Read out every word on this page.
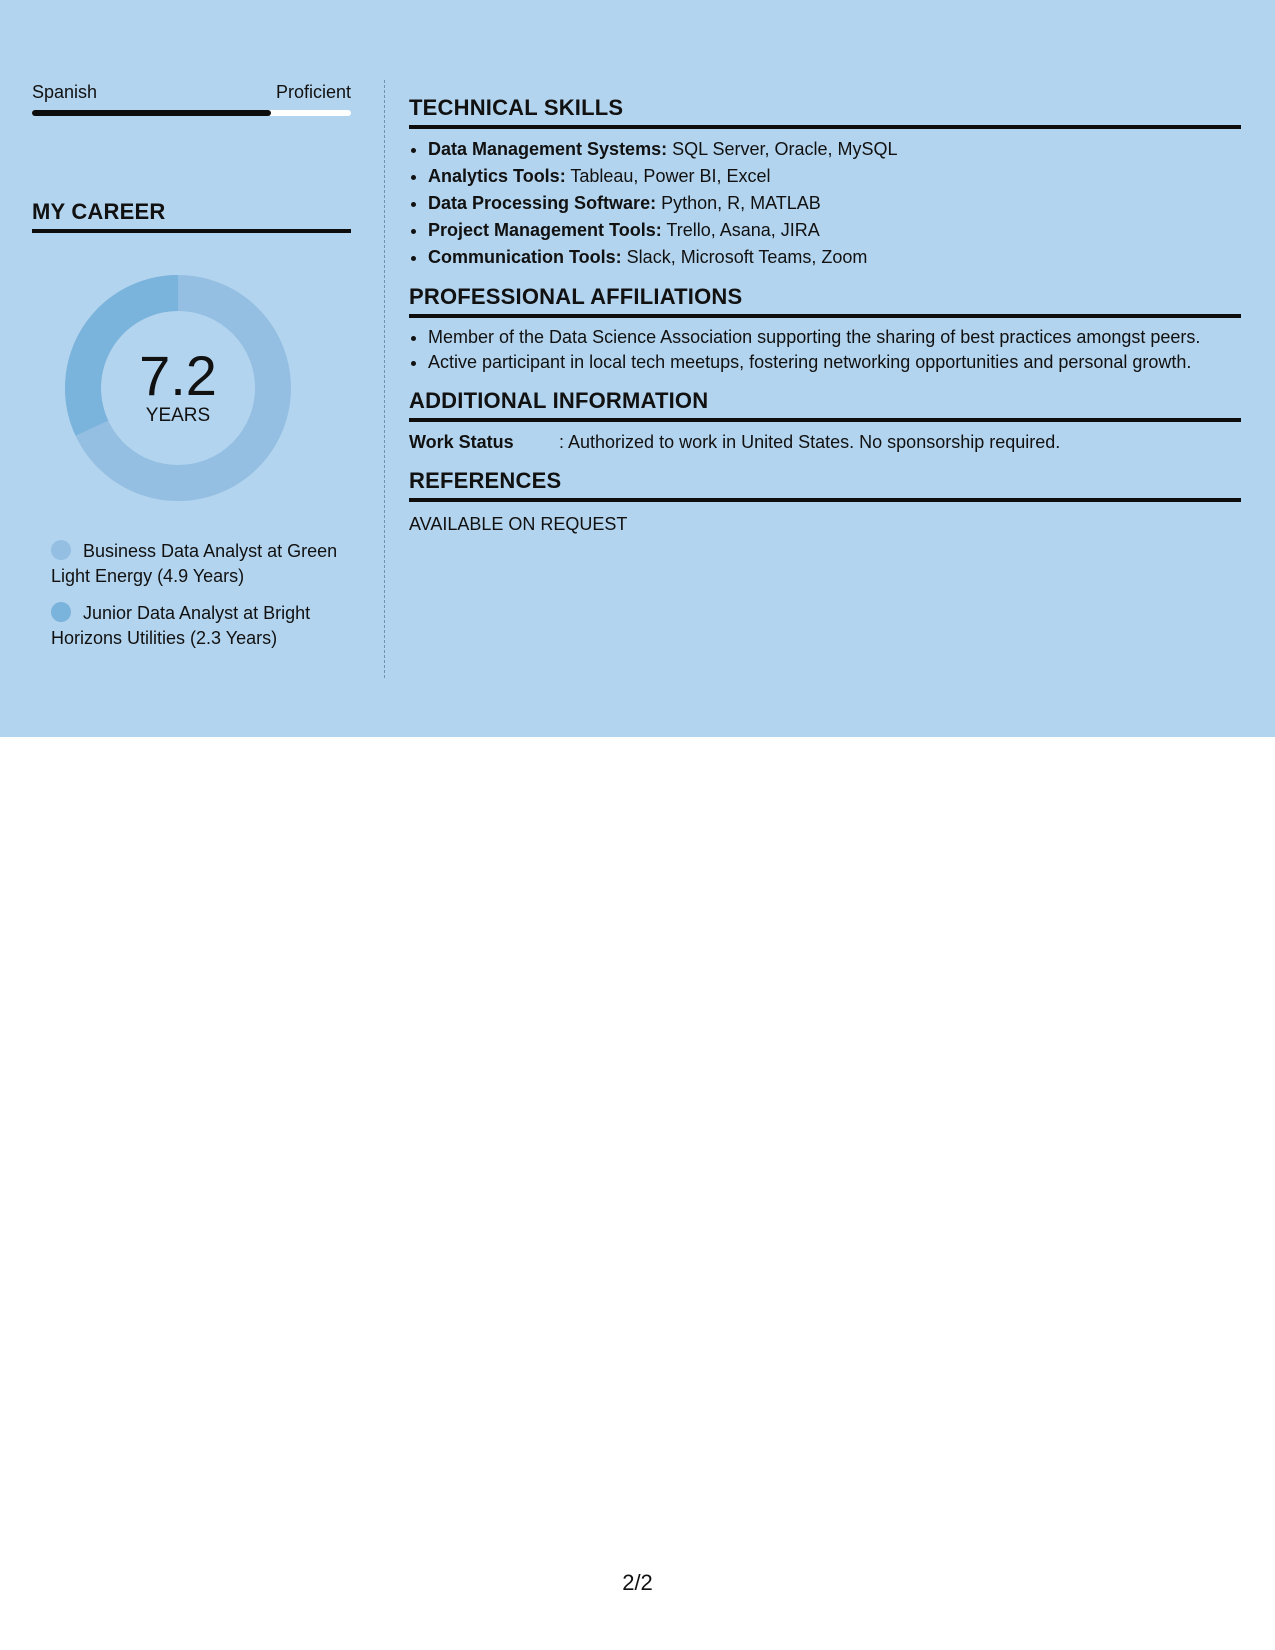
Spanish	Proficient
MY CAREER
7.2
YEARS
Business Data Analyst at Green Light Energy (4.9 Years)
Junior Data Analyst at Bright Horizons Utilities (2.3 Years)
TECHNICAL SKILLS
• Data Management Systems: SQL Server, Oracle, MySQL
• Analytics Tools: Tableau, Power BI, Excel
• Data Processing Software: Python, R, MATLAB
• Project Management Tools: Trello, Asana, JIRA
• Communication Tools: Slack, Microsoft Teams, Zoom
PROFESSIONAL AFFILIATIONS
• Member of the Data Science Association supporting the sharing of best practices amongst peers.
• Active participant in local tech meetups, fostering networking opportunities and personal growth.
ADDITIONAL INFORMATION
Work Status	: Authorized to work in United States. No sponsorship required.
REFERENCES
AVAILABLE ON REQUEST
2/2
